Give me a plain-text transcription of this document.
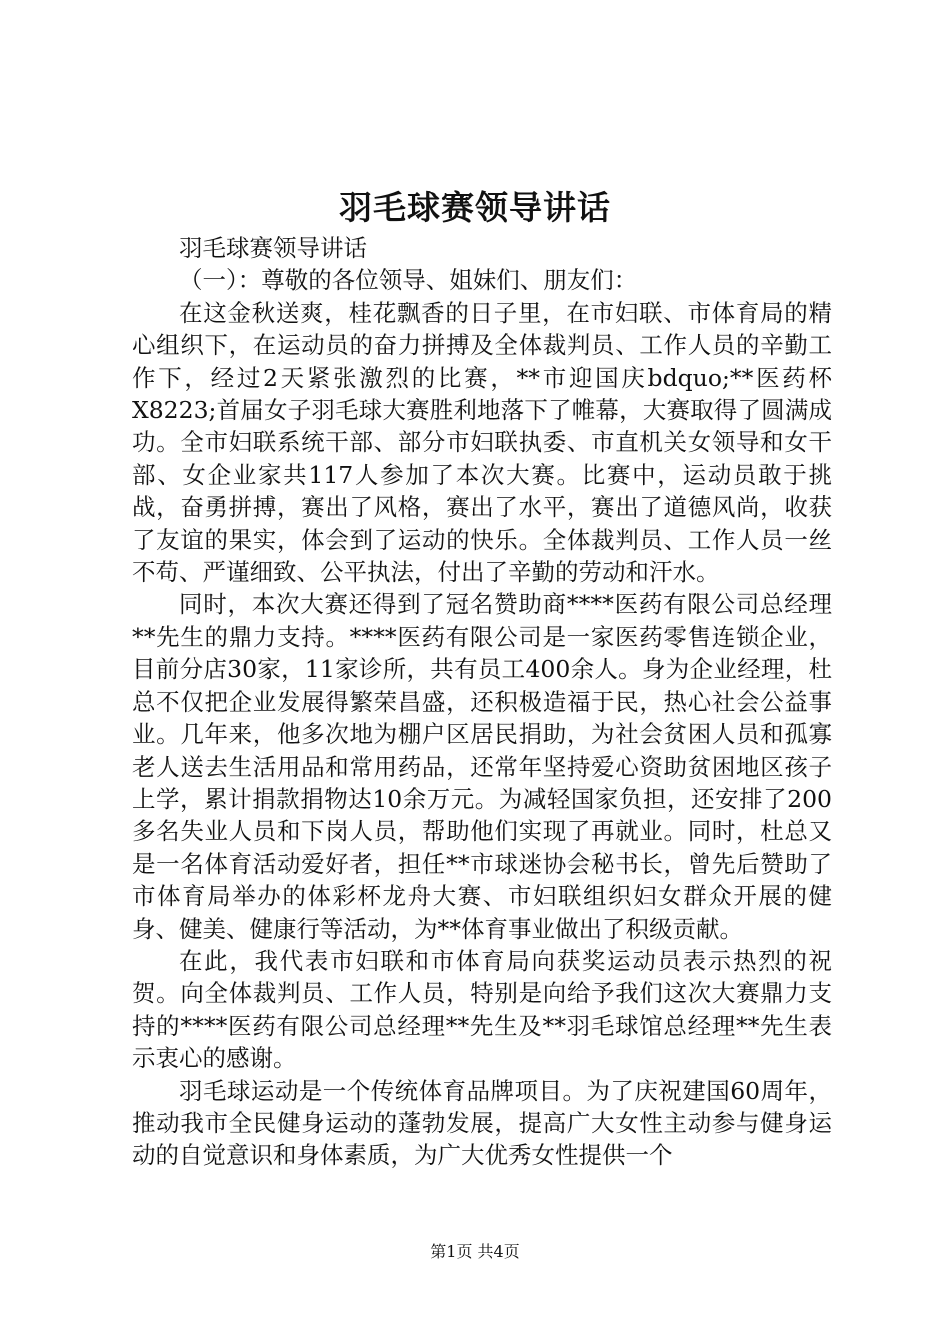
羽毛球赛领导讲话

羽毛球赛领导讲话

（一）：尊敬的各位领导、姐妹们、朋友们：

在这金秋送爽，桂花飘香的日子里，在市妇联、市体育局的精心组织下，在运动员的奋力拼搏及全体裁判员、工作人员的辛勤工作下，经过2天紧张激烈的比赛，**市迎国庆bdquo;**医药杯X8223;首届女子羽毛球大赛胜利地落下了帷幕，大赛取得了圆满成功。全市妇联系统干部、部分市妇联执委、市直机关女领导和女干部、女企业家共117人参加了本次大赛。比赛中，运动员敢于挑战，奋勇拼搏，赛出了风格，赛出了水平，赛出了道德风尚，收获了友谊的果实，体会到了运动的快乐。全体裁判员、工作人员一丝不苟、严谨细致、公平执法，付出了辛勤的劳动和汗水。

同时，本次大赛还得到了冠名赞助商****医药有限公司总经理**先生的鼎力支持。****医药有限公司是一家医药零售连锁企业，目前分店30家，11家诊所，共有员工400余人。身为企业经理，杜总不仅把企业发展得繁荣昌盛，还积极造福于民，热心社会公益事业。几年来，他多次地为棚户区居民捐助，为社会贫困人员和孤寡老人送去生活用品和常用药品，还常年坚持爱心资助贫困地区孩子上学，累计捐款捐物达10余万元。为减轻国家负担，还安排了200多名失业人员和下岗人员，帮助他们实现了再就业。同时，杜总又是一名体育活动爱好者，担任**市球迷协会秘书长，曾先后赞助了市体育局举办的体彩杯龙舟大赛、市妇联组织妇女群众开展的健身、健美、健康行等活动，为**体育事业做出了积级贡献。

在此，我代表市妇联和市体育局向获奖运动员表示热烈的祝贺。向全体裁判员、工作人员，特别是向给予我们这次大赛鼎力支持的****医药有限公司总经理**先生及**羽毛球馆总经理**先生表示衷心的感谢。

羽毛球运动是一个传统体育品牌项目。为了庆祝建国60周年，推动我市全民健身运动的蓬勃发展，提高广大女性主动参与健身运动的自觉意识和身体素质，为广大优秀女性提供一个

第1页 共4页
